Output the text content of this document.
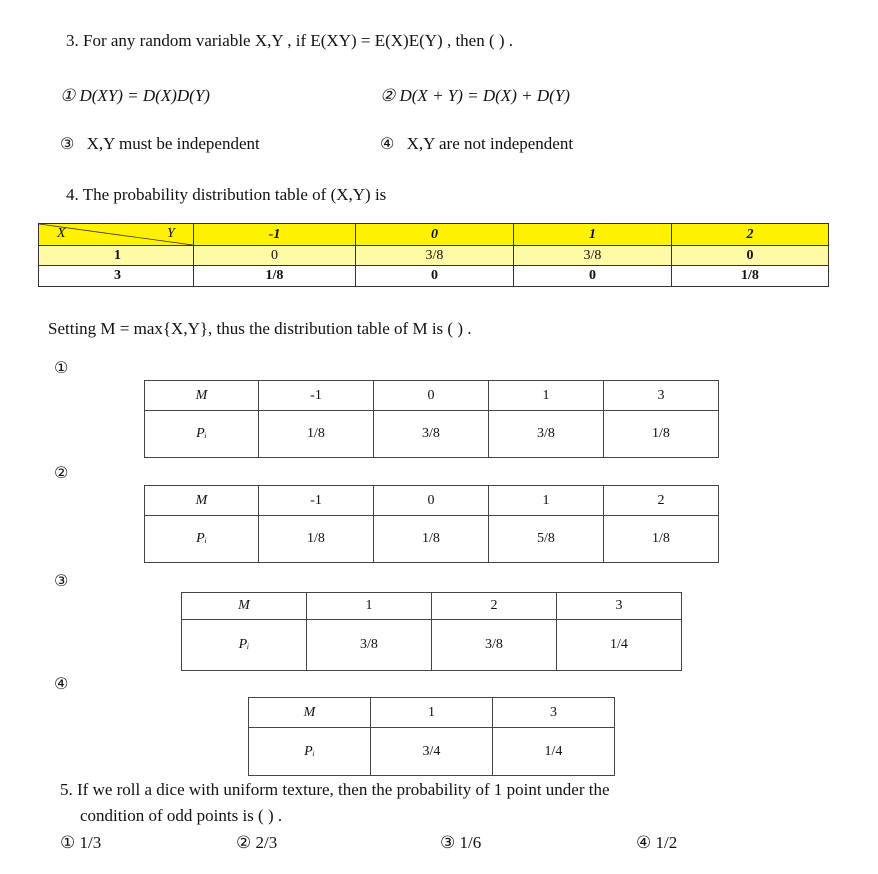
3. For any random variable X,Y , if E(XY) = E(X)E(Y) , then ( ) .
① D(XY) = D(X)D(Y)	② D(X + Y) = D(X) + D(Y)
③ X,Y must be independent	④ X,Y are not independent
4. The probability distribution table of (X,Y) is
X Y	-1	0	1	2
1	0	3/8	3/8	0
3	1/8	0	0	1/8
Setting M = max{X,Y}, thus the distribution table of M is ( ) .
①
M	-1	0	1	3
Pᵢ	1/8	3/8	3/8	1/8
②
M	-1	0	1	2
Pᵢ	1/8	1/8	5/8	1/8
③
M	1	2	3
Pᵢ	3/8	3/8	1/4
④
M	1	3
Pᵢ	3/4	1/4
5. If we roll a dice with uniform texture, then the probability of 1 point under the
condition of odd points is ( ) .
① 1/3	② 2/3	③ 1/6	④ 1/2
